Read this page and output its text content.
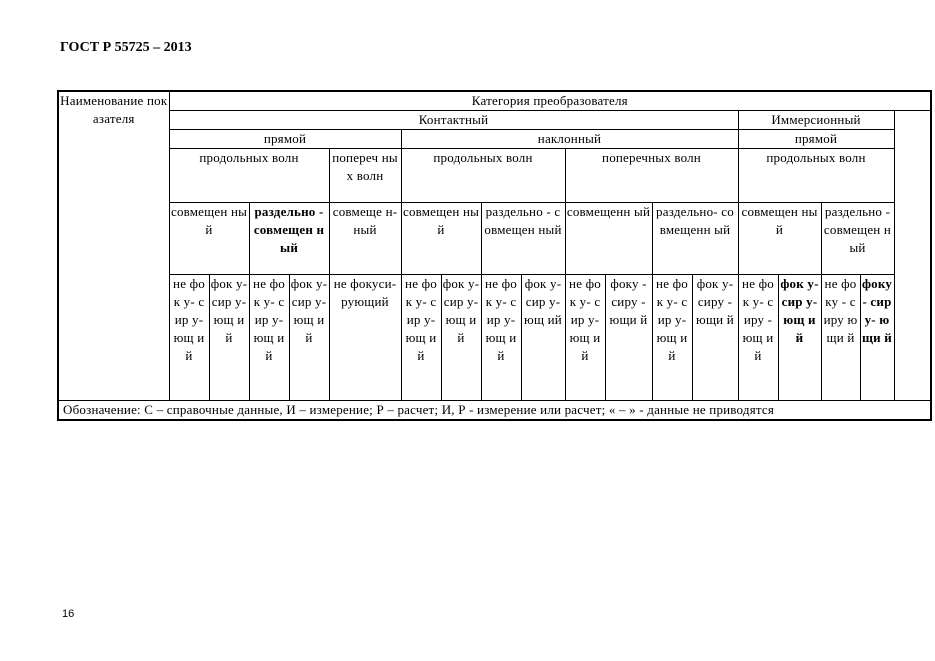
ГОСТ Р 55725 – 2013
Наименование показателя	Категория преобразователя																
	Контактный													Иммерсионный			
	прямой					наклонный								прямой			
	продольных волн				попереч ных волн	продольных волн				поперечных волн				продольных волн			
	совмещен ный		раздельно - совмещен ный		совмеще н-ный	совмещен ный		раздельно - совмещен ный		совмещенн ый		раздельно- совмещенн ый		совмещен ный		раздельно - совмещен ный	
	не фок у- сир у- ющ ий	фок у- сир у- ющ ий	не фок у- сир у- ющ ий	фок у- сир у- ющ ий	не фокуси- рующий	не фок у- сир у- ющ ий	фок у- сир у- ющ ий	не фок у- сир у- ющ ий	фок у- сир у- ющ ий	не фок у- сир у- ющ ий	фоку - сиру - ющи й	не фок у- сир у- ющ ий	фок у- сиру - ющи й	не фок у- сиру - ющ ий	фок у- сир у- ющ ий	не фоку - сиру ющи й	фоку - сиру- ющи й
Обозначение: С – справочные данные, И – измерение; Р – расчет; И, Р - измерение или расчет; « – » - данные не приводятся																	
16
